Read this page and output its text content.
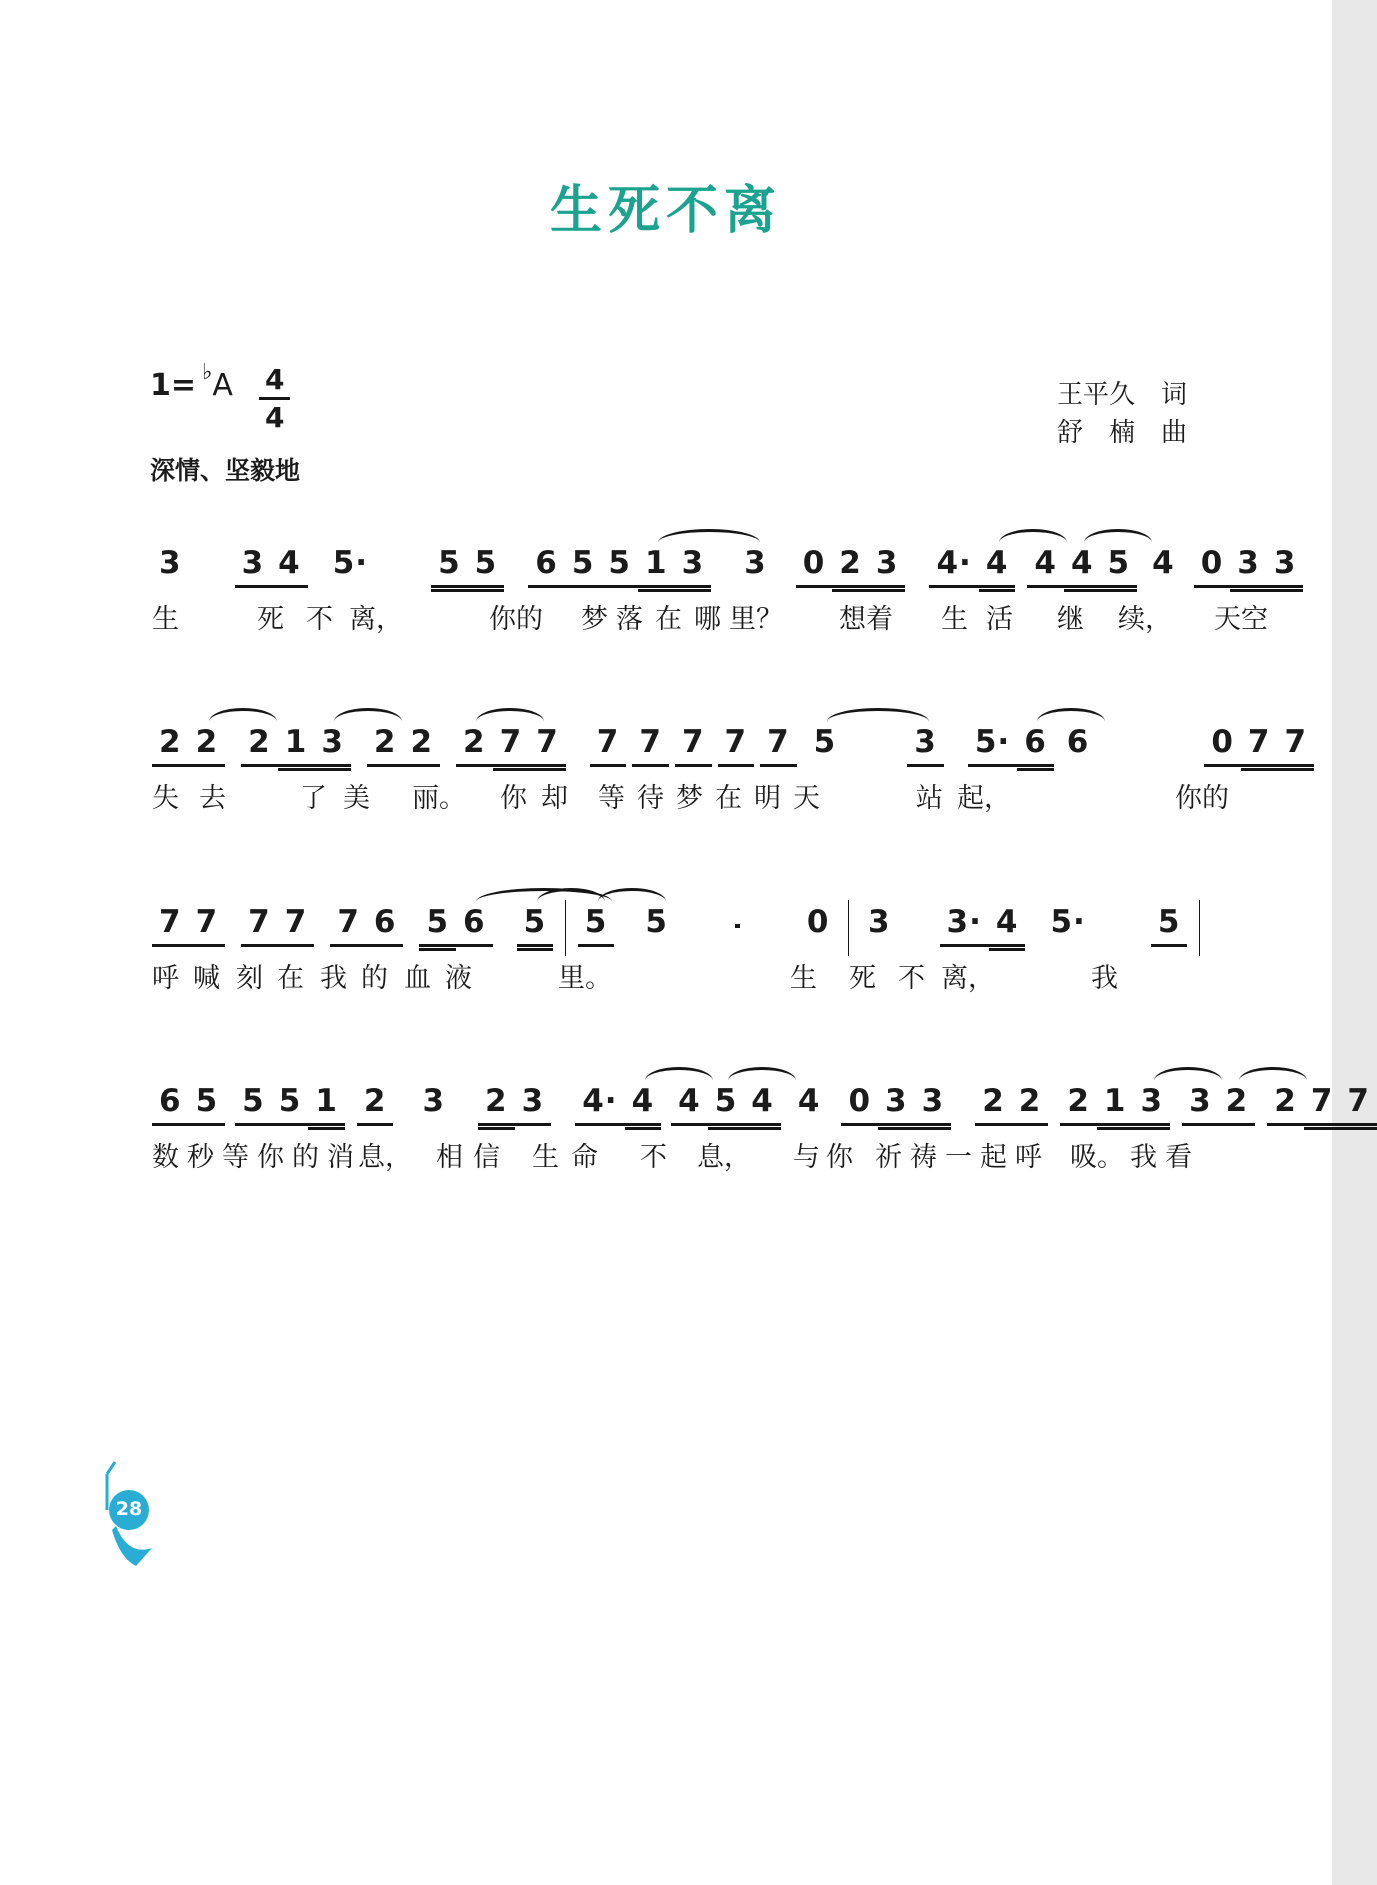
生死不离
1 = ♭ A $\frac{4}{4}$	王平久　词
舒　楠　曲
深情、坚毅地
3 3 4 5· 5 5 6 5 5 1 3 3 0 2 3 4· 4 4 4 5 4 0 3 3
生	死 不 离，	你的 梦 落 在 哪 里？ 想着 生 活 继 续， 天空
2 2 2 1 3 2 2 2 7 7 7 7 7 7 7 5	3 5· 6 6	0 7 7
失 去	了 美 丽。 你 却 等 待 梦 在 明 天	站 起，	你的
7 7 7 7 7 6 5 6 5 5 5	0 3 3· 4 5· 5
呼 喊 刻 在 我 的 血 液	里。	生 死 不 离，	我
6 5 5 5 1 2 3 2 3 4· 4 4 5 4 4 0 3 3 2 2 2 1 3 3 2 2 7 7
数 秒 等 你 的 消 息， 相 信 生 命 不 息， 与 你 祈 祷 一 起 呼 吸。 我 看
28
